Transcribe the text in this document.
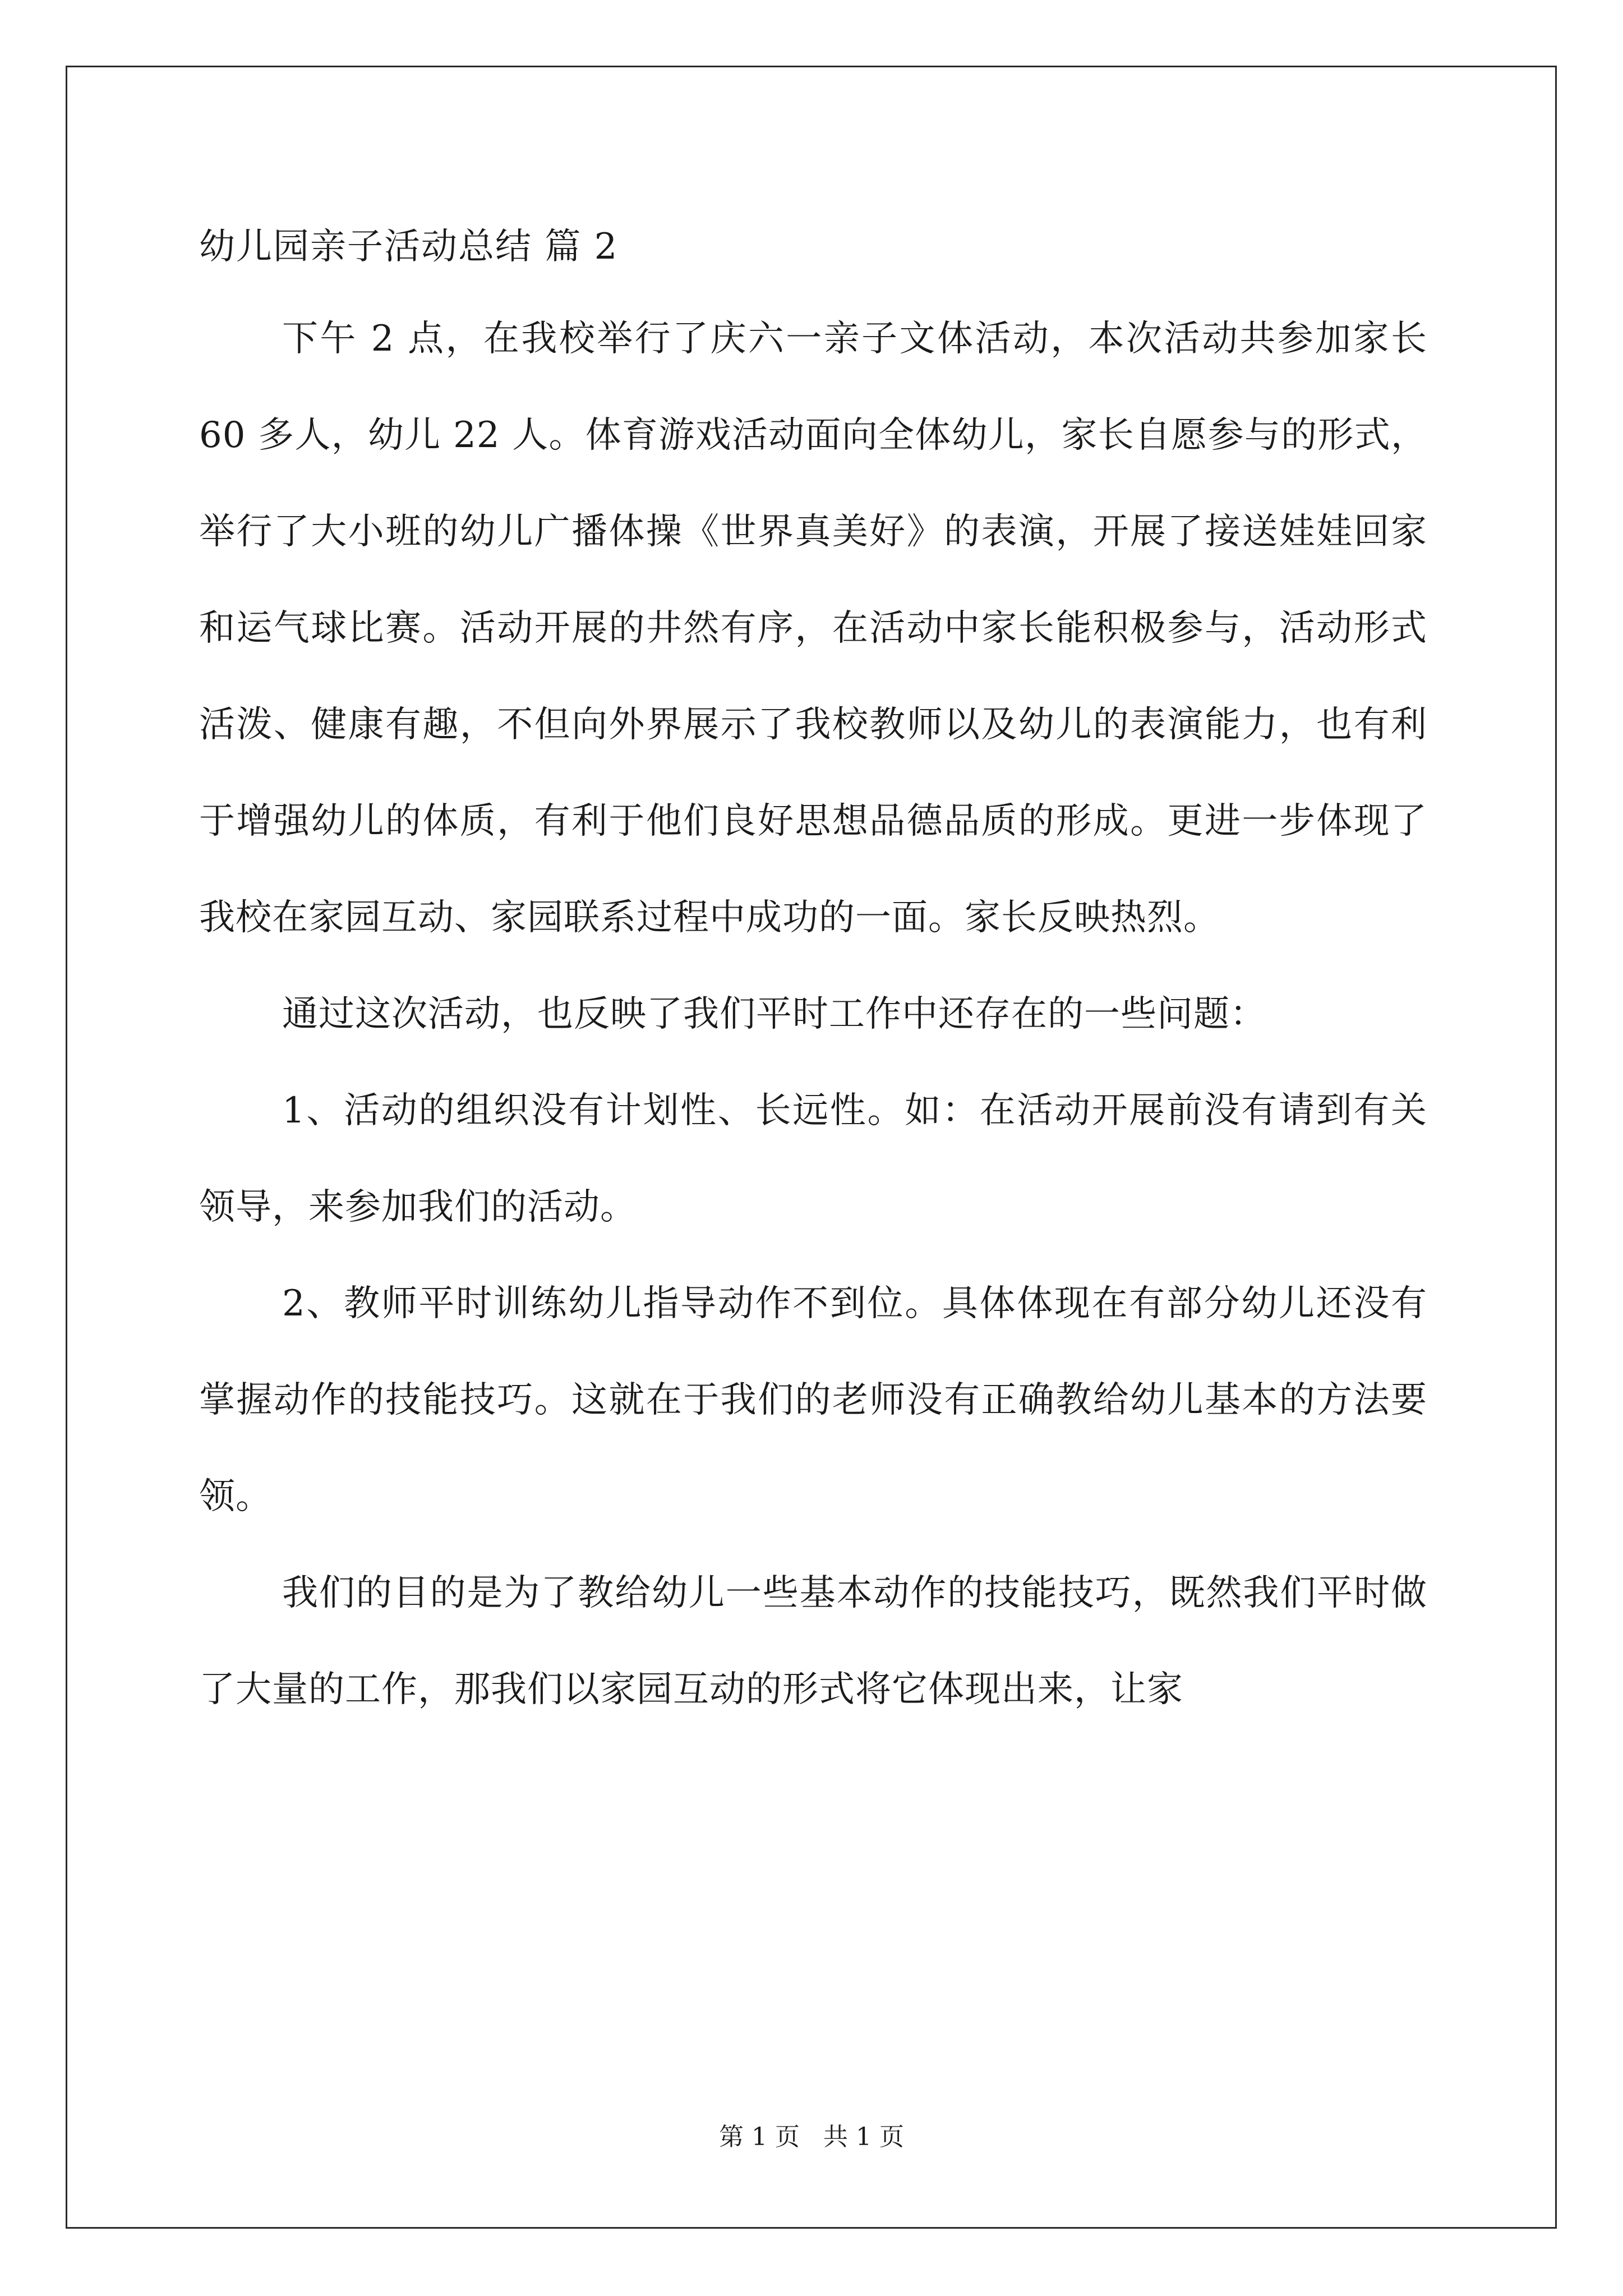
幼儿园亲子活动总结 篇 2

下午 2 点，在我校举行了庆六一亲子文体活动，本次活动共参加家长 60 多人，幼儿 22 人。体育游戏活动面向全体幼儿，家长自愿参与的形式，举行了大小班的幼儿广播体操《世界真美好》的表演，开展了接送娃娃回家和运气球比赛。活动开展的井然有序，在活动中家长能积极参与，活动形式活泼、健康有趣，不但向外界展示了我校教师以及幼儿的表演能力，也有利于增强幼儿的体质，有利于他们良好思想品德品质的形成。更进一步体现了我校在家园互动、家园联系过程中成功的一面。家长反映热烈。

通过这次活动，也反映了我们平时工作中还存在的一些问题：

1、活动的组织没有计划性、长远性。如：在活动开展前没有请到有关领导，来参加我们的活动。

2、教师平时训练幼儿指导动作不到位。具体体现在有部分幼儿还没有掌握动作的技能技巧。这就在于我们的老师没有正确教给幼儿基本的方法要领。

我们的目的是为了教给幼儿一些基本动作的技能技巧，既然我们平时做了大量的工作，那我们以家园互动的形式将它体现出来，让家

第 1 页   共 1 页
